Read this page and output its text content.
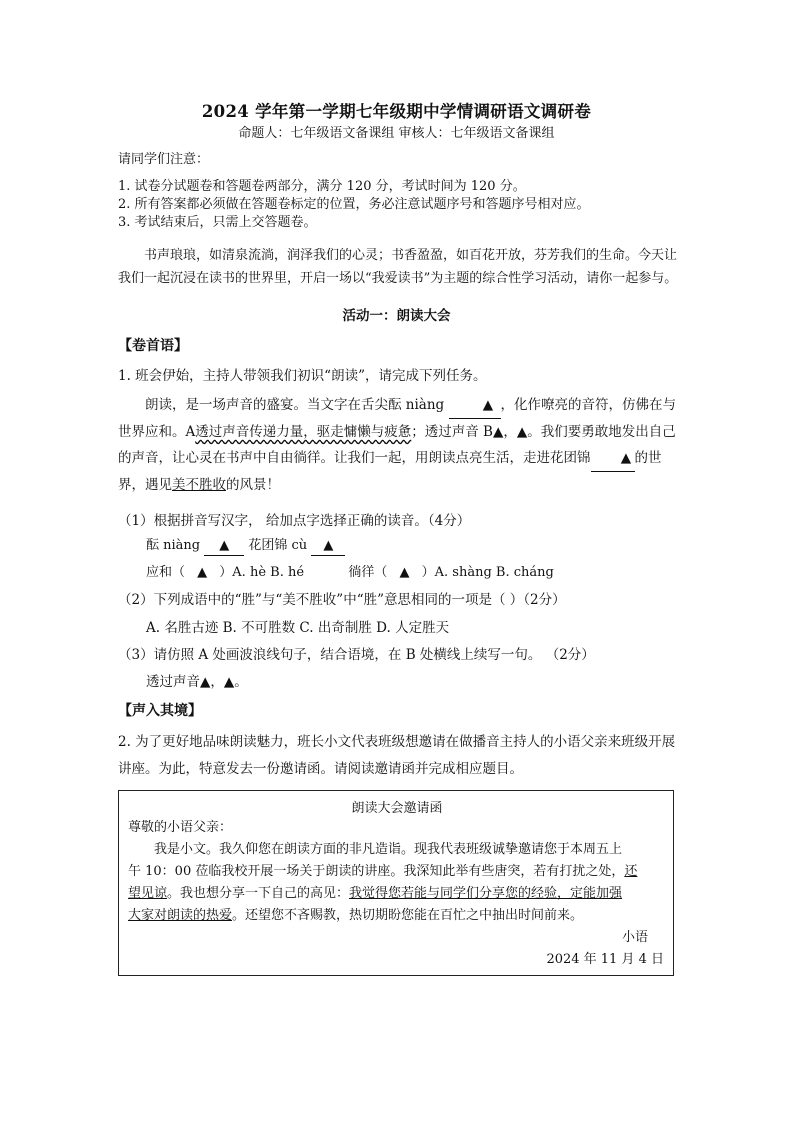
2024 学年第一学期七年级期中学情调研语文调研卷
命题人：七年级语文备课组 审核人：七年级语文备课组
请同学们注意：
1. 试卷分试题卷和答题卷两部分，满分 120 分，考试时间为 120 分。
2. 所有答案都必须做在答题卷标定的位置，务必注意试题序号和答题序号相对应。
3. 考试结束后，只需上交答题卷。
书声琅琅，如清泉流淌，润泽我们的心灵；书香盈盈，如百花开放，芬芳我们的生命。今天让我们一起沉浸在读书的世界里，开启一场以“我爱读书”为主题的综合性学习活动，请你一起参与。
活动一：朗读大会
【卷首语】
1. 班会伊始，主持人带领我们初识“朗读”，请完成下列任务。
朗读，是一场声音的盛宴。当文字在舌尖酝 niàng	▲ ，化作嘹亮的音符，仿佛在与世界应和。A透过声音传递力量，驱走慵懒与疲惫；透过声音 B▲，▲。我们要勇敢地发出自己的声音，让心灵在书声中自由徜徉。让我们一起，用朗读点亮生活，走进花团锦 ▲ 的世界，遇见美不胜收的风景！
（1）根据拼音写汉字， 给加点字选择正确的读音。（4分）
酝 niàng ▲ 花团锦 cù ▲
应和（ ▲ ）A. hè B. hé	徜徉（ ▲ ）A. shàng B. cháng
（2）下列成语中的“胜”与“美不胜收”中“胜”意思相同的一项是（ ）（2分）
A. 名胜古迹 B. 不可胜数 C. 出奇制胜 D. 人定胜天
（3）请仿照 A 处画波浪线句子，结合语境，在 B 处横线上续写一句。 （2分）
透过声音▲，▲。
【声入其境】
2. 为了更好地品味朗读魅力，班长小文代表班级想邀请在做播音主持人的小语父亲来班级开展讲座。为此，特意发去一份邀请函。请阅读邀请函并完成相应题目。
朗读大会邀请函
尊敬的小语父亲：
我是小文。我久仰您在朗读方面的非凡造诣。现我代表班级诚挚邀请您于本周五上
午 10：00 莅临我校开展一场关于朗读的讲座。我深知此举有些唐突，若有打扰之处，还
望见谅。我也想分享一下自己的高见：我觉得您若能与同学们分享您的经验，定能加强
大家对朗读的热爱。还望您不吝赐教，热切期盼您能在百忙之中抽出时间前来。
小语
2024 年 11 月 4 日
